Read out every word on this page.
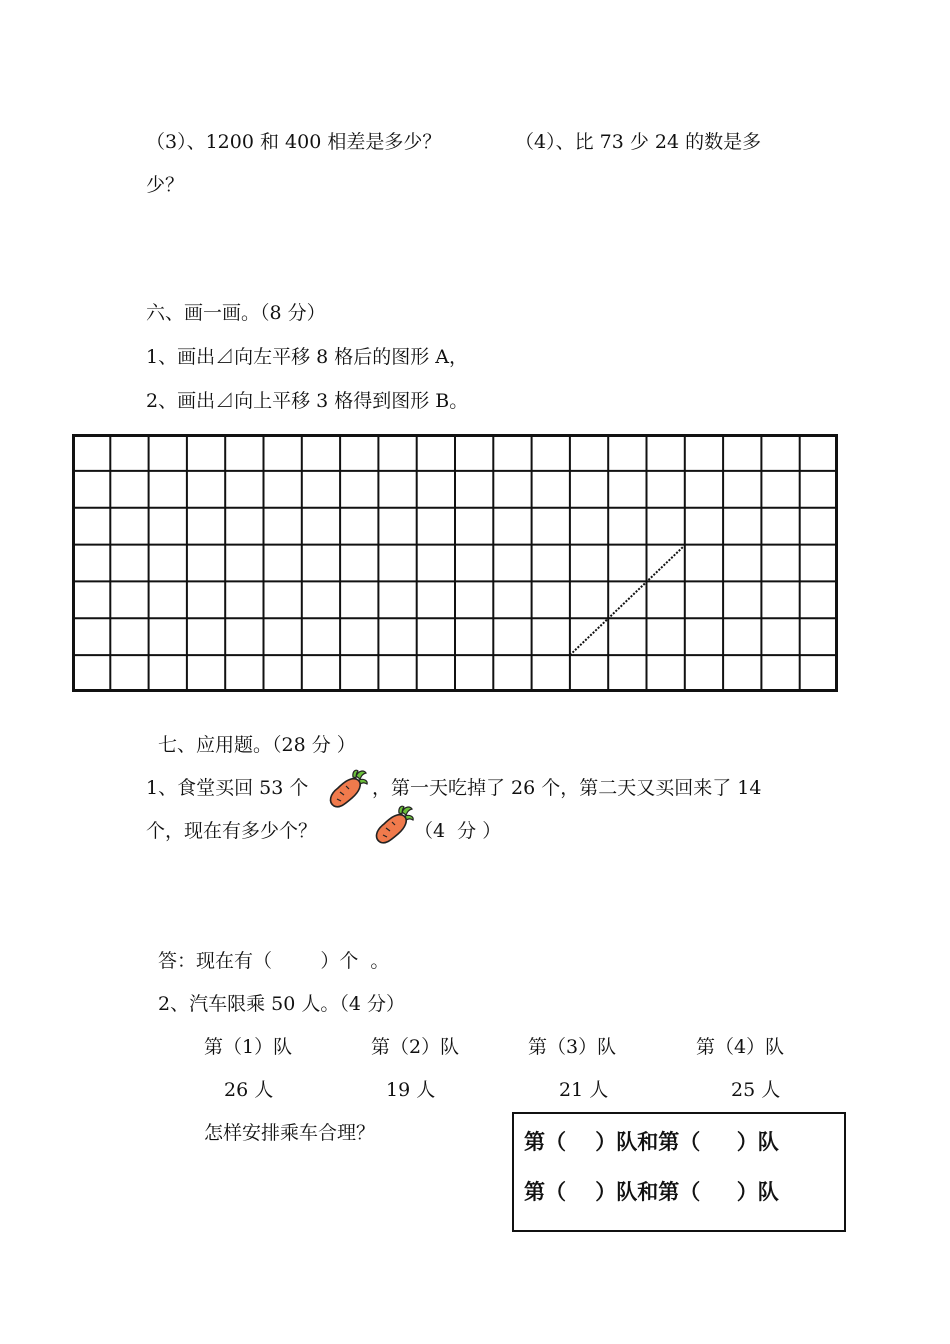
（3）、1200 和 400 相差是多少？	（4）、比 73 少 24 的数是多
少？
六、画一画。（8 分）
1、画出⊿向左平移 8 格后的图形 A，
2、画出⊿向上平移 3 格得到图形 B。
七、应用题。（28 分 ）
1、食堂买回 53 个	，第一天吃掉了 26 个，第二天又买回来了 14
个，现在有多少个？	（4  分 ）
答：现在有（        ）个  。
2、汽车限乘 50 人。（4 分）
第（1）队	第（2）队	第（3）队	第（4）队
26 人	19 人	21 人	25 人
怎样安排乘车合理？	第（    ）队和第（     ）队
第（    ）队和第（     ）队
